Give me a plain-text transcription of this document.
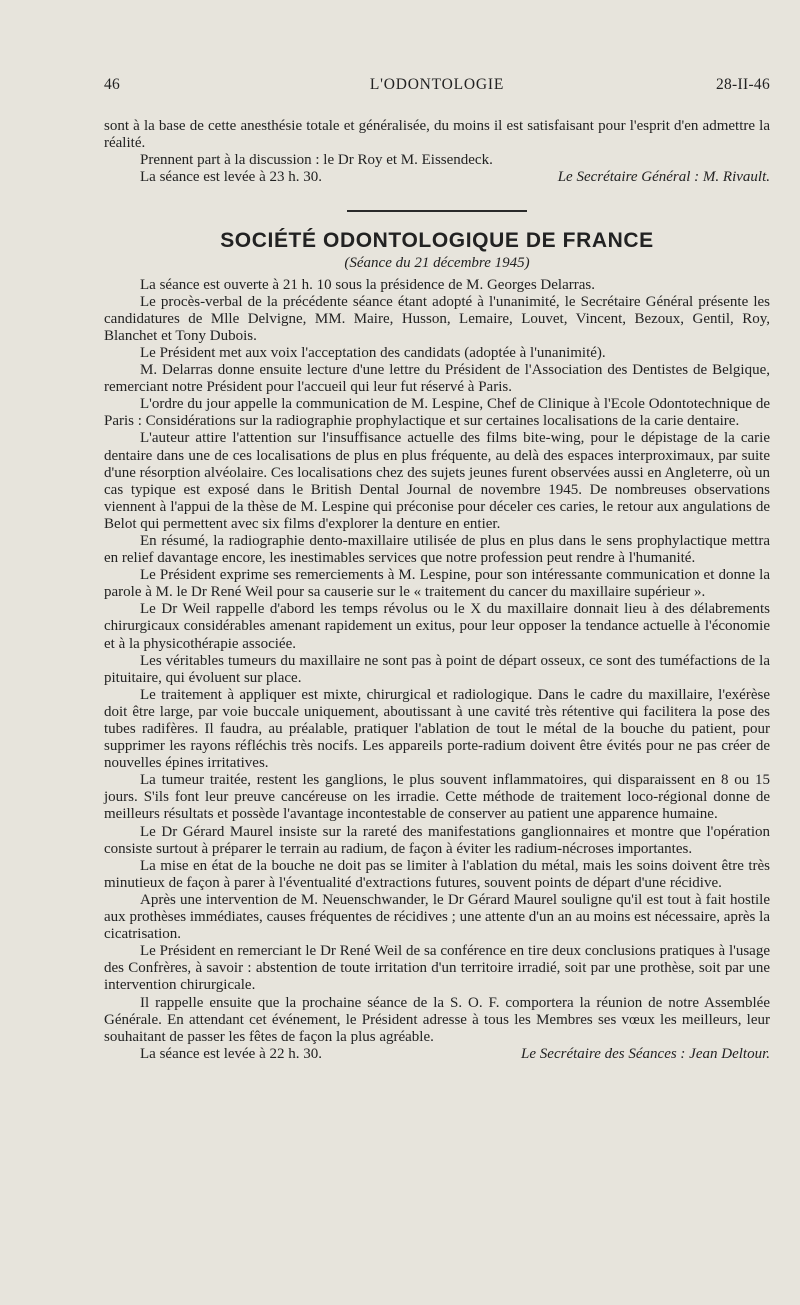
46	L'ODONTOLOGIE	28-II-46

sont à la base de cette anesthésie totale et généralisée, du moins il est satisfaisant pour l'esprit d'en admettre la réalité.

Prennent part à la discussion : le Dr Roy et M. Eissendeck.

La séance est levée à 23 h. 30.	Le Secrétaire Général : M. Rivault.
SOCIÉTÉ ODONTOLOGIQUE DE FRANCE
(Séance du 21 décembre 1945)

La séance est ouverte à 21 h. 10 sous la présidence de M. Georges Delarras.

Le procès-verbal de la précédente séance étant adopté à l'unanimité, le Secrétaire Général présente les candidatures de Mlle Delvigne, MM. Maire, Husson, Lemaire, Louvet, Vincent, Bezoux, Gentil, Roy, Blanchet et Tony Dubois.

Le Président met aux voix l'acceptation des candidats (adoptée à l'unanimité).

M. Delarras donne ensuite lecture d'une lettre du Président de l'Association des Dentistes de Belgique, remerciant notre Président pour l'accueil qui leur fut réservé à Paris.

L'ordre du jour appelle la communication de M. Lespine, Chef de Clinique à l'Ecole Odontotechnique de Paris : Considérations sur la radiographie prophylactique et sur certaines localisations de la carie dentaire.

L'auteur attire l'attention sur l'insuffisance actuelle des films bite-wing, pour le dépistage de la carie dentaire dans une de ces localisations de plus en plus fréquente, au delà des espaces interproximaux, par suite d'une résorption alvéolaire. Ces localisations chez des sujets jeunes furent observées aussi en Angleterre, où un cas typique est exposé dans le British Dental Journal de novembre 1945. De nombreuses observations viennent à l'appui de la thèse de M. Lespine qui préconise pour déceler ces caries, le retour aux angulations de Belot qui permettent avec six films d'explorer la denture en entier.

En résumé, la radiographie dento-maxillaire utilisée de plus en plus dans le sens prophylactique mettra en relief davantage encore, les inestimables services que notre profession peut rendre à l'humanité.

Le Président exprime ses remerciements à M. Lespine, pour son intéressante communication et donne la parole à M. le Dr René Weil pour sa causerie sur le « traitement du cancer du maxillaire supérieur ».

Le Dr Weil rappelle d'abord les temps révolus ou le X du maxillaire donnait lieu à des délabrements chirurgicaux considérables amenant rapidement un exitus, pour leur opposer la tendance actuelle à l'économie et à la physicothérapie associée.

Les véritables tumeurs du maxillaire ne sont pas à point de départ osseux, ce sont des tuméfactions de la pituitaire, qui évoluent sur place.

Le traitement à appliquer est mixte, chirurgical et radiologique. Dans le cadre du maxillaire, l'exérèse doit être large, par voie buccale uniquement, aboutissant à une cavité très rétentive qui facilitera la pose des tubes radifères. Il faudra, au préalable, pratiquer l'ablation de tout le métal de la bouche du patient, pour supprimer les rayons réfléchis très nocifs. Les appareils porte-radium doivent être évités pour ne pas créer de nouvelles épines irritatives.

La tumeur traitée, restent les ganglions, le plus souvent inflammatoires, qui disparaissent en 8 ou 15 jours. S'ils font leur preuve cancéreuse on les irradie. Cette méthode de traitement loco-régional donne de meilleurs résultats et possède l'avantage incontestable de conserver au patient une apparence humaine.

Le Dr Gérard Maurel insiste sur la rareté des manifestations ganglionnaires et montre que l'opération consiste surtout à préparer le terrain au radium, de façon à éviter les radium-nécroses importantes.

La mise en état de la bouche ne doit pas se limiter à l'ablation du métal, mais les soins doivent être très minutieux de façon à parer à l'éventualité d'extractions futures, souvent points de départ d'une récidive.

Après une intervention de M. Neuenschwander, le Dr Gérard Maurel souligne qu'il est tout à fait hostile aux prothèses immédiates, causes fréquentes de récidives ; une attente d'un an au moins est nécessaire, après la cicatrisation.

Le Président en remerciant le Dr René Weil de sa conférence en tire deux conclusions pratiques à l'usage des Confrères, à savoir : abstention de toute irritation d'un territoire irradié, soit par une prothèse, soit par une intervention chirurgicale.

Il rappelle ensuite que la prochaine séance de la S. O. F. comportera la réunion de notre Assemblée Générale. En attendant cet événement, le Président adresse à tous les Membres ses vœux les meilleurs, leur souhaitant de passer les fêtes de façon la plus agréable.

La séance est levée à 22 h. 30.	Le Secrétaire des Séances : Jean Deltour.
